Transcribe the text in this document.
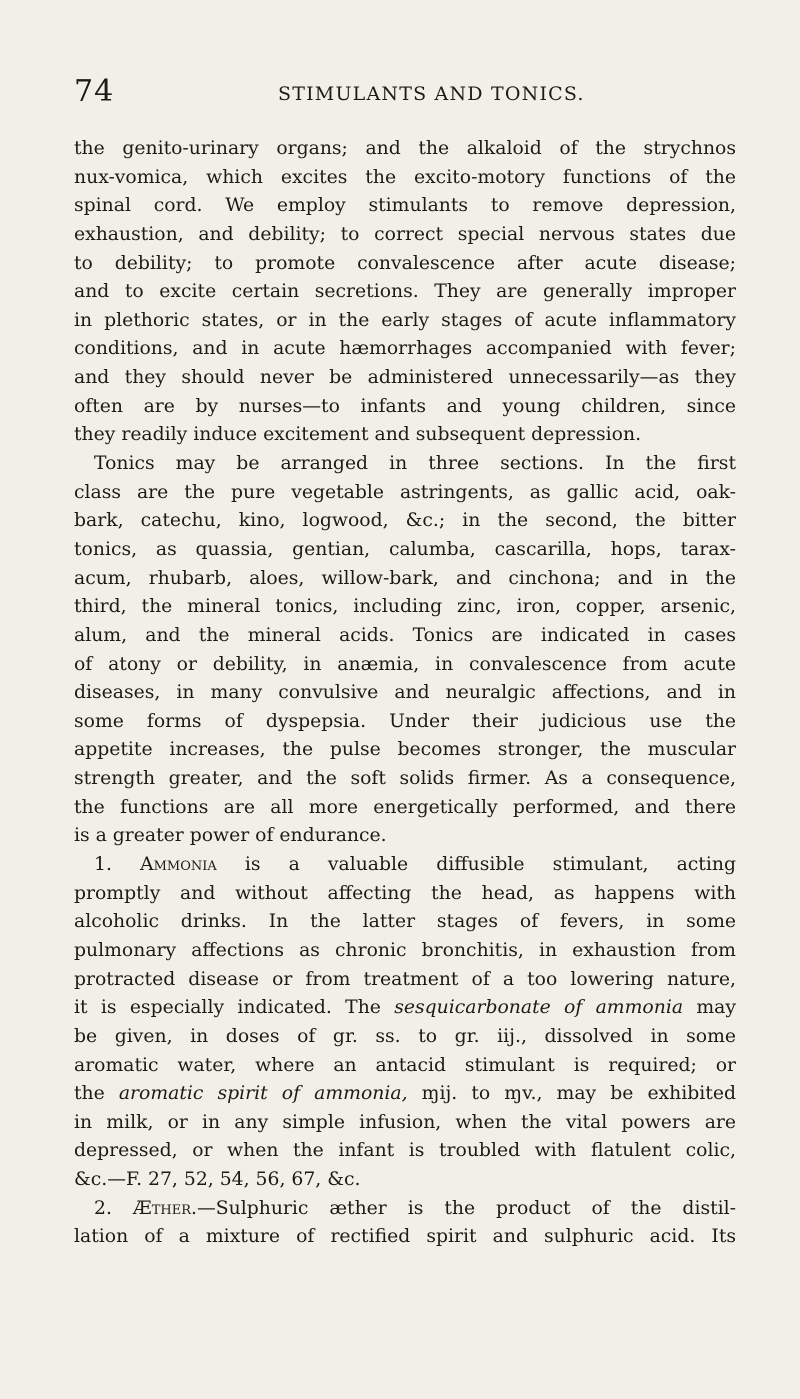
74	STIMULANTS AND TONICS.
the genito-urinary organs; and the alkaloid of the strychnos
nux-vomica, which excites the excito-motory functions of the
spinal cord. We employ stimulants to remove depression,
exhaustion, and debility; to correct special nervous states due
to debility; to promote convalescence after acute disease;
and to excite certain secretions. They are generally improper
in plethoric states, or in the early stages of acute inflammatory
conditions, and in acute hæmorrhages accompanied with fever;
and they should never be administered unnecessarily—as they
often are by nurses—to infants and young children, since
they readily induce excitement and subsequent depression.
Tonics may be arranged in three sections. In the first
class are the pure vegetable astringents, as gallic acid, oak-
bark, catechu, kino, logwood, &c.; in the second, the bitter
tonics, as quassia, gentian, calumba, cascarilla, hops, tarax-
acum, rhubarb, aloes, willow-bark, and cinchona; and in the
third, the mineral tonics, including zinc, iron, copper, arsenic,
alum, and the mineral acids. Tonics are indicated in cases
of atony or debility, in anæmia, in convalescence from acute
diseases, in many convulsive and neuralgic affections, and in
some forms of dyspepsia. Under their judicious use the
appetite increases, the pulse becomes stronger, the muscular
strength greater, and the soft solids firmer. As a consequence,
the functions are all more energetically performed, and there
is a greater power of endurance.
1. Ammonia is a valuable diffusible stimulant, acting
promptly and without affecting the head, as happens with
alcoholic drinks. In the latter stages of fevers, in some
pulmonary affections as chronic bronchitis, in exhaustion from
protracted disease or from treatment of a too lowering nature,
it is especially indicated. The sesquicarbonate of ammonia may
be given, in doses of gr. ss. to gr. iij., dissolved in some
aromatic water, where an antacid stimulant is required; or
the aromatic spirit of ammonia, ɱij. to ɱv., may be exhibited
in milk, or in any simple infusion, when the vital powers are
depressed, or when the infant is troubled with flatulent colic,
&c.—F. 27, 52, 54, 56, 67, &c.
2. Æther.—Sulphuric æther is the product of the distil-
lation of a mixture of rectified spirit and sulphuric acid. Its
